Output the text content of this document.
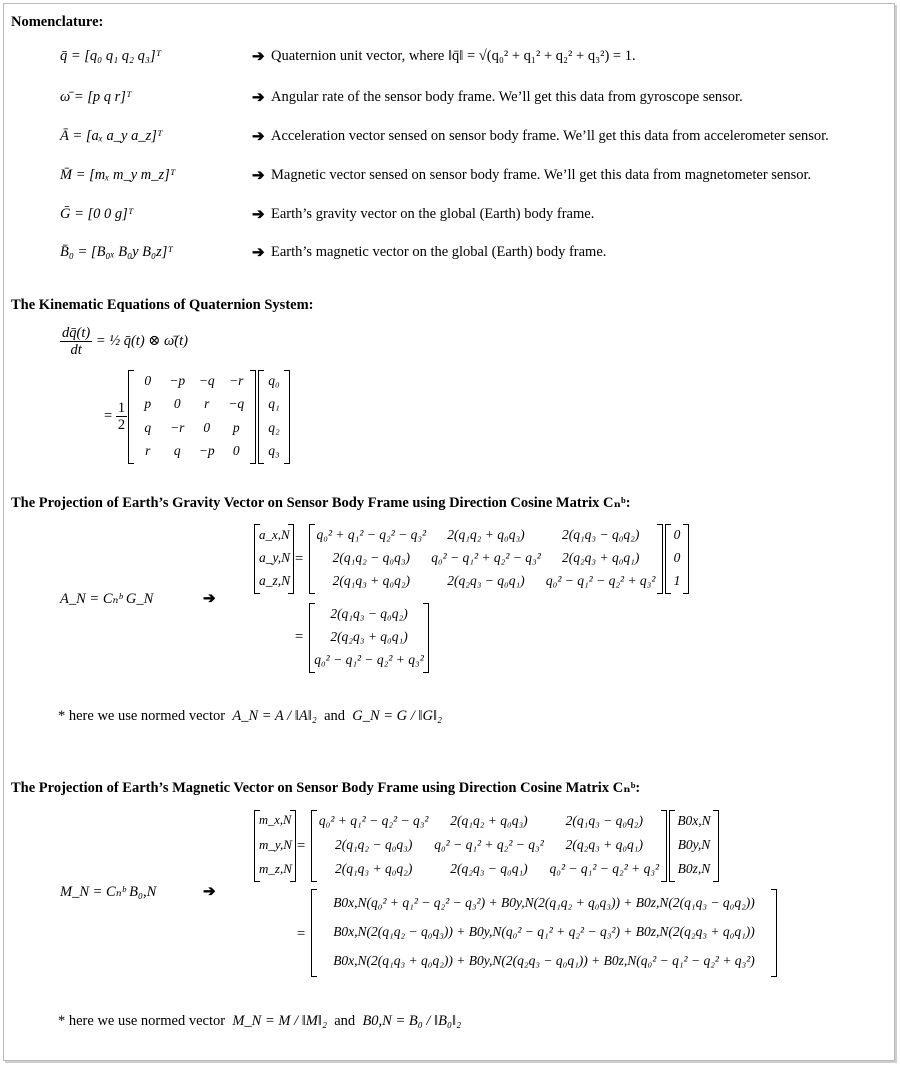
Nomenclature:
q̄ = [q₀ q₁ q₂ q₃]ᵀ	➔ Quaternion unit vector, where ‖q̄‖ = √(q₀² + q₁² + q₂² + q₃²) = 1.
ω̄ = [p q r]ᵀ	➔ Angular rate of the sensor body frame. We’ll get this data from gyroscope sensor.
Ā = [aₓ a_y a_z]ᵀ	➔ Acceleration vector sensed on sensor body frame. We’ll get this data from accelerometer sensor.
M̄ = [mₓ m_y m_z]ᵀ	➔ Magnetic vector sensed on sensor body frame. We’ll get this data from magnetometer sensor.
Ḡ = [0 0 g]ᵀ	➔ Earth’s gravity vector on the global (Earth) body frame.
B̄₀ = [B₀ₓ B₀y B₀z]ᵀ	➔ Earth’s magnetic vector on the global (Earth) body frame.
The Kinematic Equations of Quaternion System:
$\frac{dq̄(t)}{dt}$ = ½ q̄(t) ⊗ ω̄(t)
= $\frac{1}{2}$
0	−p	−q	−r
p	0	r	−q
q	−r	0	p
r	q	−p	0
q₀
q₁
q₂
q₃
The Projection of Earth’s Gravity Vector on Sensor Body Frame using Direction Cosine Matrix Cₙᵇ:
A_N = Cₙᵇ G_N	➔
a_x,N
a_y,N
a_z,N
=
q₀² + q₁² − q₂² − q₃²	2(q₁q₂ + q₀q₃)	2(q₁q₃ − q₀q₂)
2(q₁q₂ − q₀q₃)	q₀² − q₁² + q₂² − q₃²	2(q₂q₃ + q₀q₁)
2(q₁q₃ + q₀q₂)	2(q₂q₃ − q₀q₁)	q₀² − q₁² − q₂² + q₃²
0
0
1
=
2(q₁q₃ − q₀q₂)
2(q₂q₃ + q₀q₁)
q₀² − q₁² − q₂² + q₃²
* here we use normed vector A_N = A / ‖A‖₂ and G_N = G / ‖G‖₂
The Projection of Earth’s Magnetic Vector on Sensor Body Frame using Direction Cosine Matrix Cₙᵇ:
M_N = Cₙᵇ B₀,N	➔
m_x,N
m_y,N
m_z,N
=
q₀² + q₁² − q₂² − q₃²	2(q₁q₂ + q₀q₃)	2(q₁q₃ − q₀q₂)
2(q₁q₂ − q₀q₃)	q₀² − q₁² + q₂² − q₃²	2(q₂q₃ + q₀q₁)
2(q₁q₃ + q₀q₂)	2(q₂q₃ − q₀q₁)	q₀² − q₁² − q₂² + q₃²
B0x,N
B0y,N
B0z,N
=
B0x,N(q₀² + q₁² − q₂² − q₃²) + B0y,N(2(q₁q₂ + q₀q₃)) + B0z,N(2(q₁q₃ − q₀q₂))
B0x,N(2(q₁q₂ − q₀q₃)) + B0y,N(q₀² − q₁² + q₂² − q₃²) + B0z,N(2(q₂q₃ + q₀q₁))
B0x,N(2(q₁q₃ + q₀q₂)) + B0y,N(2(q₂q₃ − q₀q₁)) + B0z,N(q₀² − q₁² − q₂² + q₃²)
* here we use normed vector M_N = M / ‖M‖₂ and B0,N = B₀ / ‖B₀‖₂
